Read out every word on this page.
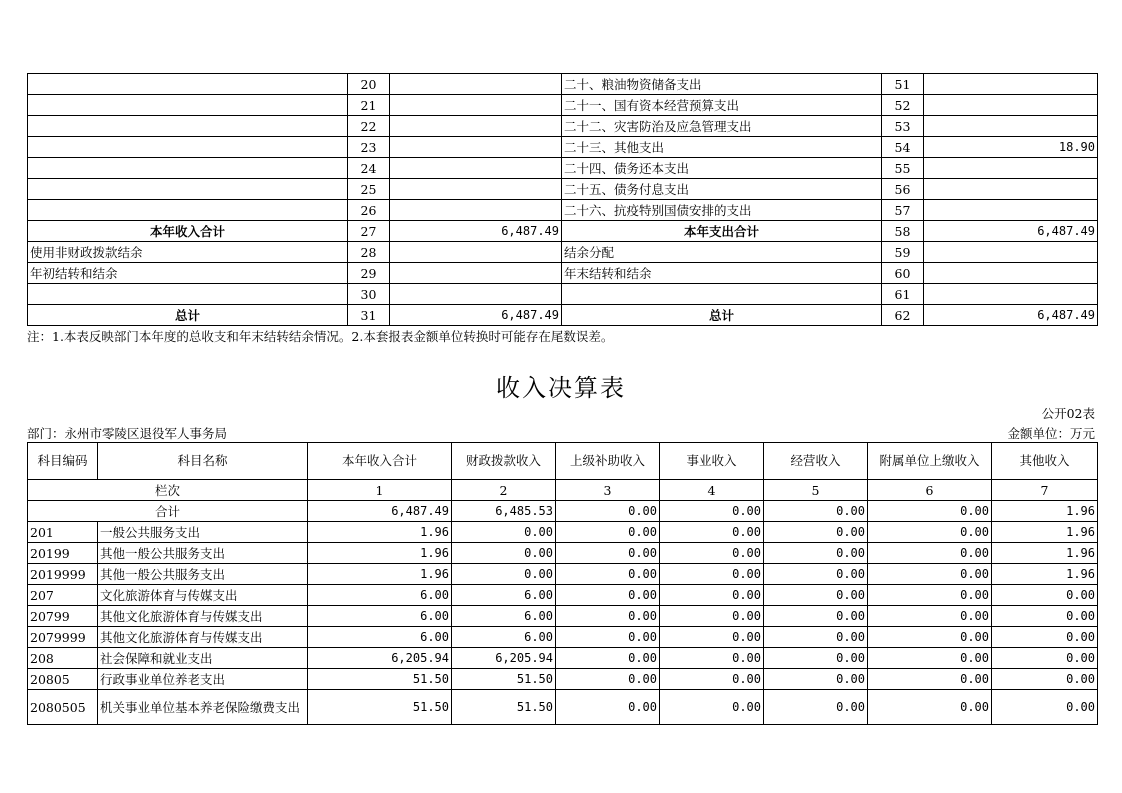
	20		二十、粮油物资储备支出	51	
	21		二十一、国有资本经营预算支出	52	
	22		二十二、灾害防治及应急管理支出	53	
	23		二十三、其他支出	54	18.90
	24		二十四、债务还本支出	55	
	25		二十五、债务付息支出	56	
	26		二十六、抗疫特别国债安排的支出	57	
本年收入合计	27	6,487.49	本年支出合计	58	6,487.49
使用非财政拨款结余	28		结余分配	59	
年初结转和结余	29		年末结转和结余	60	
	30			61	
总计	31	6,487.49	总计	62	6,487.49
注：1.本表反映部门本年度的总收支和年末结转结余情况。2.本套报表金额单位转换时可能存在尾数误差。
收入决算表
公开02表
部门：永州市零陵区退役军人事务局	金额单位：万元
科目编码	科目名称	本年收入合计	财政拨款收入	上级补助收入	事业收入	经营收入	附属单位上缴收入	其他收入
栏次		1	2	3	4	5	6	7
合计		6,487.49	6,485.53	0.00	0.00	0.00	0.00	1.96
201	一般公共服务支出	1.96	0.00	0.00	0.00	0.00	0.00	1.96
20199	其他一般公共服务支出	1.96	0.00	0.00	0.00	0.00	0.00	1.96
2019999	其他一般公共服务支出	1.96	0.00	0.00	0.00	0.00	0.00	1.96
207	文化旅游体育与传媒支出	6.00	6.00	0.00	0.00	0.00	0.00	0.00
20799	其他文化旅游体育与传媒支出	6.00	6.00	0.00	0.00	0.00	0.00	0.00
2079999	其他文化旅游体育与传媒支出	6.00	6.00	0.00	0.00	0.00	0.00	0.00
208	社会保障和就业支出	6,205.94	6,205.94	0.00	0.00	0.00	0.00	0.00
20805	行政事业单位养老支出	51.50	51.50	0.00	0.00	0.00	0.00	0.00
2080505	机关事业单位基本养老保险缴费支出	51.50	51.50	0.00	0.00	0.00	0.00	0.00
